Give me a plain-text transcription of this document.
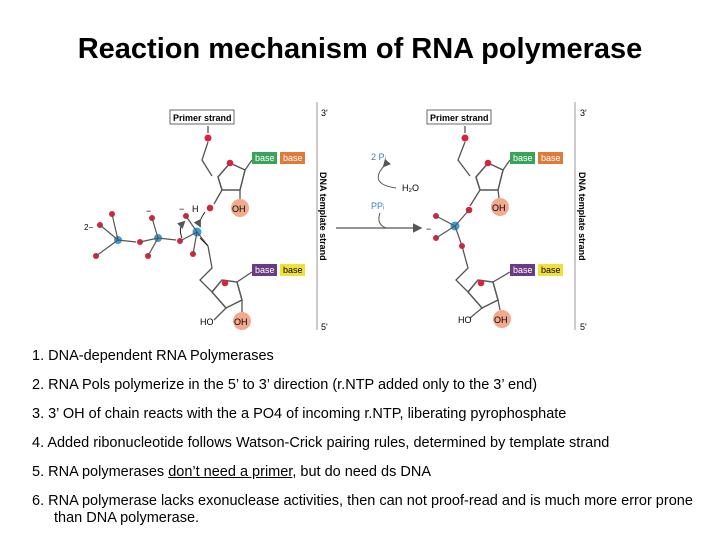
Reaction mechanism of RNA polymerase
Primer strand	3'
5'
DNA template strand
base base
OH
H
2−
−	−
base base
HO OH
2 Pᵢ
H₂O
PPᵢ
Primer strand	3'
5'
DNA template strand
base base
OH
−
base base
HO	OH
1. DNA-dependent RNA Polymerases
2. RNA Pols polymerize in the 5’ to 3’ direction (r.NTP added only to the 3’ end)
3. 3’ OH of chain reacts with the a PO4 of incoming r.NTP, liberating pyrophosphate
4. Added ribonucleotide follows Watson-Crick pairing rules, determined by template strand
5. RNA polymerases don’t need a primer, but do need ds DNA
6. RNA polymerase lacks exonuclease activities, then can not proof-read and is much more error prone than DNA polymerase.
